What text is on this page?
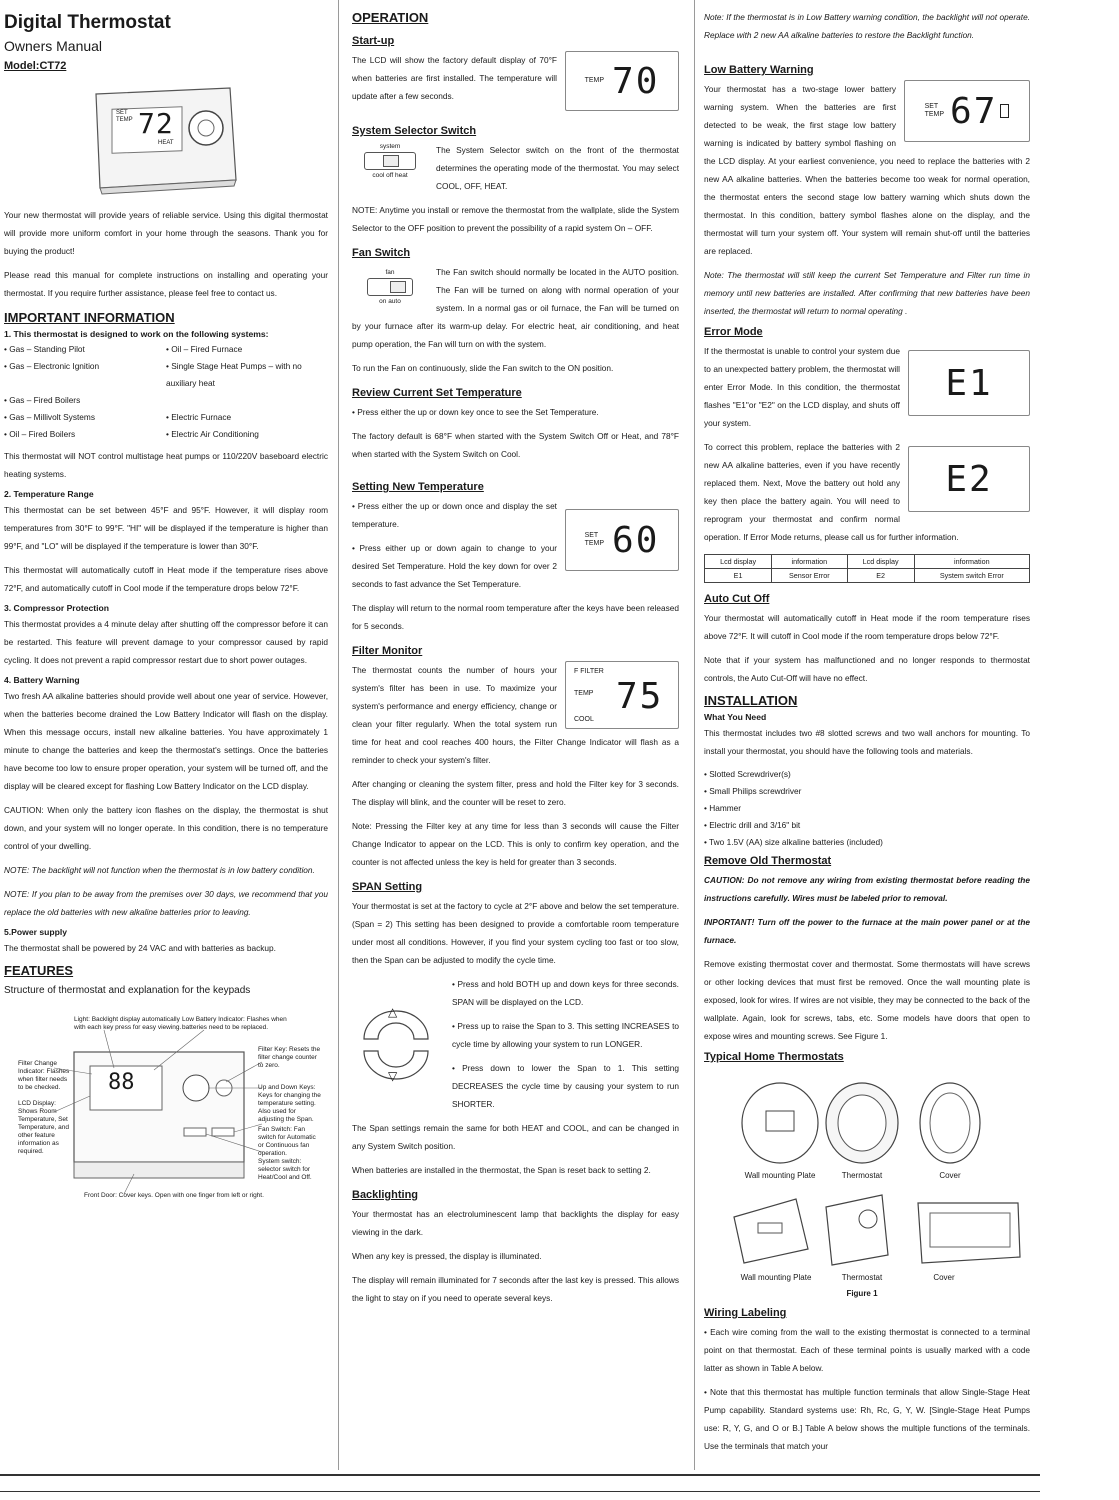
Digital Thermostat
Owners Manual
Model:CT72
SET
TEMP 72
HEAT

Your new thermostat will provide years of reliable service. Using this digital thermostat will provide more uniform comfort in your home through the seasons. Thank you for buying the product!

Please read this manual for complete instructions on installing and operating your thermostat. If you require further assistance, please feel free to contact us.

IMPORTANT INFORMATION
1. This thermostat is designed to work on the following systems:
• Gas – Standing Pilot	• Oil – Fired Furnace
• Gas – Electronic Ignition	• Single Stage Heat Pumps – with no auxiliary heat
• Gas – Fired Boilers
• Gas – Millivolt Systems	• Electric Furnace
• Oil – Fired Boilers	• Electric Air Conditioning

This thermostat will NOT control multistage heat pumps or 110/220V baseboard electric heating systems.

2. Temperature Range

This thermostat can be set between 45°F and 95°F. However, it will display room temperatures from 30°F to 99°F. "HI" will be displayed if the temperature is higher than 99°F, and "LO" will be displayed if the temperature is lower than 30°F.

This thermostat will automatically cutoff in Heat mode if the temperature rises above 72°F, and automatically cutoff in Cool mode if the temperature drops below 72°F.

3. Compressor Protection

This thermostat provides a 4 minute delay after shutting off the compressor before it can be restarted. This feature will prevent damage to your compressor caused by rapid cycling. It does not prevent a rapid compressor restart due to short power outages.

4. Battery Warning

Two fresh AA alkaline batteries should provide well about one year of service. However, when the batteries become drained the Low Battery Indicator will flash on the display. When this message occurs, install new alkaline batteries. You have approximately 1 minute to change the batteries and keep the thermostat's settings. Once the batteries have become too low to ensure proper operation, your system will be turned off, and the display will be cleared except for flashing Low Battery Indicator on the LCD display.

CAUTION: When only the battery icon flashes on the display, the thermostat is shut down, and your system will no longer operate. In this condition, there is no temperature control of your dwelling.

NOTE: The backlight will not function when the thermostat is in low battery condition.

NOTE: If you plan to be away from the premises over 30 days, we recommend that you replace the old batteries with new alkaline batteries prior to leaving.

5.Power supply

The thermostat shall be powered by 24 VAC and with batteries as backup.

FEATURES

Structure of thermostat and explanation for the keypads

Light: Backlight display automatically with each key press for easy viewing.
Low Battery Indicator: Flashes when batteries need to be replaced.
Filter Change Indicator: Flashes when filter needs to be checked.
LCD Display: Shows Room Temperature, Set Temperature, and other feature information as required.
Filter Key: Resets the filter change counter to zero.
Up and Down Keys: Keys for changing the temperature setting. Also used for adjusting the Span.
Fan Switch: Fan switch for Automatic or Continuous fan operation.
System switch: selector switch for Heat/Cool and Off.
Front Door: Cover keys. Open with one finger from left or right.
88
OPERATION
Start-up
TEMP 70

The LCD will show the factory default display of 70°F when batteries are first installed. The temperature will update after a few seconds.

System Selector Switch
system
cool off heat

The System Selector switch on the front of the thermostat determines the operating mode of the thermostat. You may select COOL, OFF, HEAT.

NOTE: Anytime you install or remove the thermostat from the wallplate, slide the System Selector to the OFF position to prevent the possibility of a rapid system On – OFF.

Fan Switch
fan
on auto

The Fan switch should normally be located in the AUTO position. The Fan will be turned on along with normal operation of your system. In a normal gas or oil furnace, the Fan will be turned on by your furnace after its warm-up delay. For electric heat, air conditioning, and heat pump operation, the Fan will turn on with the system.

To run the Fan on continuously, slide the Fan switch to the ON position.

Review Current Set Temperature

• Press either the up or down key once to see the Set Temperature.

The factory default is 68°F when started with the System Switch Off or Heat, and 78°F when started with the System Switch on Cool.

Setting New Temperature
SET
TEMP 60

• Press either the up or down once and display the set temperature.

• Press either up or down again to change to your desired Set Temperature. Hold the key down for over 2 seconds to fast advance the Set Temperature.

The display will return to the normal room temperature after the keys have been released for 5 seconds.

Filter Monitor
F FILTER
TEMP
COOL
75

The thermostat counts the number of hours your system's filter has been in use. To maximize your system's performance and energy efficiency, change or clean your filter regularly. When the total system run time for heat and cool reaches 400 hours, the Filter Change Indicator will flash as a reminder to check your system's filter.

After changing or cleaning the system filter, press and hold the Filter key for 3 seconds. The display will blink, and the counter will be reset to zero.

Note: Pressing the Filter key at any time for less than 3 seconds will cause the Filter Change Indicator to appear on the LCD. This is only to confirm key operation, and the counter is not affected unless the key is held for greater than 3 seconds.

SPAN Setting

Your thermostat is set at the factory to cycle at 2°F above and below the set temperature. (Span = 2) This setting has been designed to provide a comfortable room temperature under most all conditions. However, if you find your system cycling too fast or too slow, then the Span can be adjusted to modify the cycle time.

△
▽

• Press and hold BOTH up and down keys for three seconds. SPAN will be displayed on the LCD.

• Press up to raise the Span to 3. This setting INCREASES to cycle time by allowing your system to run LONGER.

• Press down to lower the Span to 1. This setting DECREASES the cycle time by causing your system to run SHORTER.

The Span settings remain the same for both HEAT and COOL, and can be changed in any System Switch position.

When batteries are installed in the thermostat, the Span is reset back to setting 2.

Backlighting

Your thermostat has an electroluminescent lamp that backlights the display for easy viewing in the dark.

When any key is pressed, the display is illuminated.

The display will remain illuminated for 7 seconds after the last key is pressed. This allows the light to stay on if you need to operate several keys.

Note: If the thermostat is in Low Battery warning condition, the backlight will not operate. Replace with 2 new AA alkaline batteries to restore the Backlight function.

Low Battery Warning
SET
TEMP 67

Your thermostat has a two-stage lower battery warning system. When the batteries are first detected to be weak, the first stage low battery warning is indicated by battery symbol flashing on the LCD display. At your earliest convenience, you need to replace the batteries with 2 new AA alkaline batteries. When the batteries become too weak for normal operation, the thermostat enters the second stage low battery warning which shuts down the thermostat. In this condition, battery symbol flashes alone on the display, and the thermostat will turn your system off. Your system will remain shut-off until the batteries are replaced.

Note: The thermostat will still keep the current Set Temperature and Filter run time in memory until new batteries are installed. After confirming that new batteries have been inserted, the thermostat will return to normal operating .

Error Mode
E1

If the thermostat is unable to control your system due to an unexpected battery problem, the thermostat will enter Error Mode. In this condition, the thermostat flashes "E1"or "E2" on the LCD display, and shuts off your system.

E2

To correct this problem, replace the batteries with 2 new AA alkaline batteries, even if you have recently replaced them. Next, Move the battery out hold any key then place the battery again. You will need to reprogram your thermostat and confirm normal operation. If Error Mode returns, please call us for further information.

Lcd display	information	Lcd display	information
E1	Sensor Error	E2	System switch Error
Auto Cut Off

Your thermostat will automatically cutoff in Heat mode if the room temperature rises above 72°F. It will cutoff in Cool mode if the room temperature drops below 72°F.

Note that if your system has malfunctioned and no longer responds to thermostat controls, the Auto Cut-Off will have no effect.

INSTALLATION
What You Need

This thermostat includes two #8 slotted screws and two wall anchors for mounting. To install your thermostat, you should have the following tools and materials.

• Slotted Screwdriver(s)
• Small Philips screwdriver
• Hammer
• Electric drill and 3/16" bit
• Two 1.5V (AA) size alkaline batteries (included)
Remove Old Thermostat

CAUTION: Do not remove any wiring from existing thermostat before reading the instructions carefully. Wires must be labeled prior to removal.

INPORTANT! Turn off the power to the furnace at the main power panel or at the furnace.

Remove existing thermostat cover and thermostat. Some thermostats will have screws or other locking devices that must first be removed. Once the wall mounting plate is exposed, look for wires. If wires are not visible, they may be connected to the back of the wallplate. Again, look for screws, tabs, etc. Some models have doors that open to expose wires and mounting screws. See Figure 1.

Typical Home Thermostats
Wall mounting Plate	Thermostat	Cover
Wall mounting Plate	Thermostat	Cover
Figure 1
Wiring Labeling

• Each wire coming from the wall to the existing thermostat is connected to a terminal point on that thermostat. Each of these terminal points is usually marked with a code latter as shown in Table A below.

• Note that this thermostat has multiple function terminals that allow Single-Stage Heat Pump capability. Standard systems use: Rh, Rc, G, Y, W. [Single-Stage Heat Pumps use: R, Y, G, and O or B.] Table A below shows the multiple functions of the terminals. Use the terminals that match your
